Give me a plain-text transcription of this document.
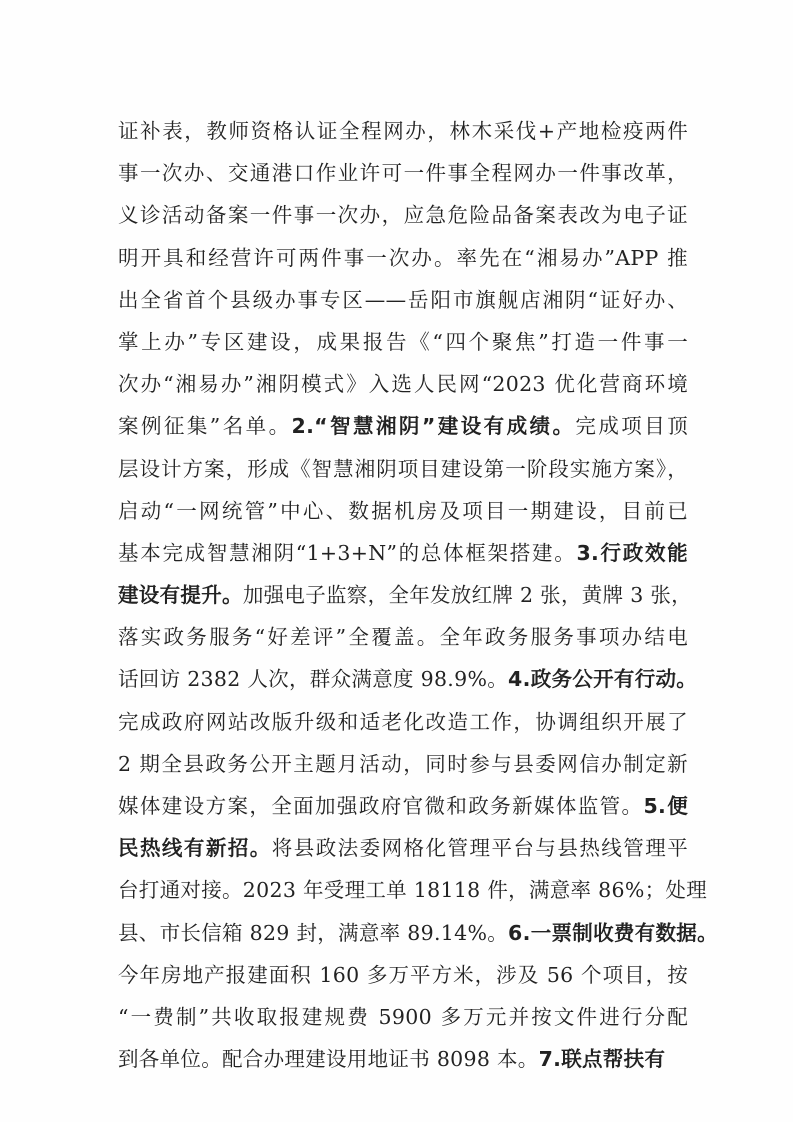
证补表，教师资格认证全程网办，林木采伐+产地检疫两件
事一次办、交通港口作业许可一件事全程网办一件事改革，
义诊活动备案一件事一次办，应急危险品备案表改为电子证
明开具和经营许可两件事一次办。率先在“湘易办”APP 推
出全省首个县级办事专区——岳阳市旗舰店湘阴“证好办、
掌上办”专区建设，成果报告《“四个聚焦”打造一件事一
次办“湘易办”湘阴模式》入选人民网“2023 优化营商环境
案例征集”名单。2.“智慧湘阴”建设有成绩。完成项目顶
层设计方案，形成《智慧湘阴项目建设第一阶段实施方案》，
启动“一网统管”中心、数据机房及项目一期建设，目前已
基本完成智慧湘阴“1+3+N”的总体框架搭建。3.行政效能
建设有提升。加强电子监察，全年发放红牌 2 张，黄牌 3 张，
落实政务服务“好差评”全覆盖。全年政务服务事项办结电
话回访 2382 人次，群众满意度 98.9%。4.政务公开有行动。
完成政府网站改版升级和适老化改造工作，协调组织开展了
2 期全县政务公开主题月活动，同时参与县委网信办制定新
媒体建设方案，全面加强政府官微和政务新媒体监管。5.便
民热线有新招。将县政法委网格化管理平台与县热线管理平
台打通对接。2023 年受理工单 18118 件，满意率 86%；处理
县、市长信箱 829 封，满意率 89.14%。6.一票制收费有数据。
今年房地产报建面积 160 多万平方米，涉及 56 个项目，按
“一费制”共收取报建规费 5900 多万元并按文件进行分配
到各单位。配合办理建设用地证书 8098 本。7.联点帮扶有
